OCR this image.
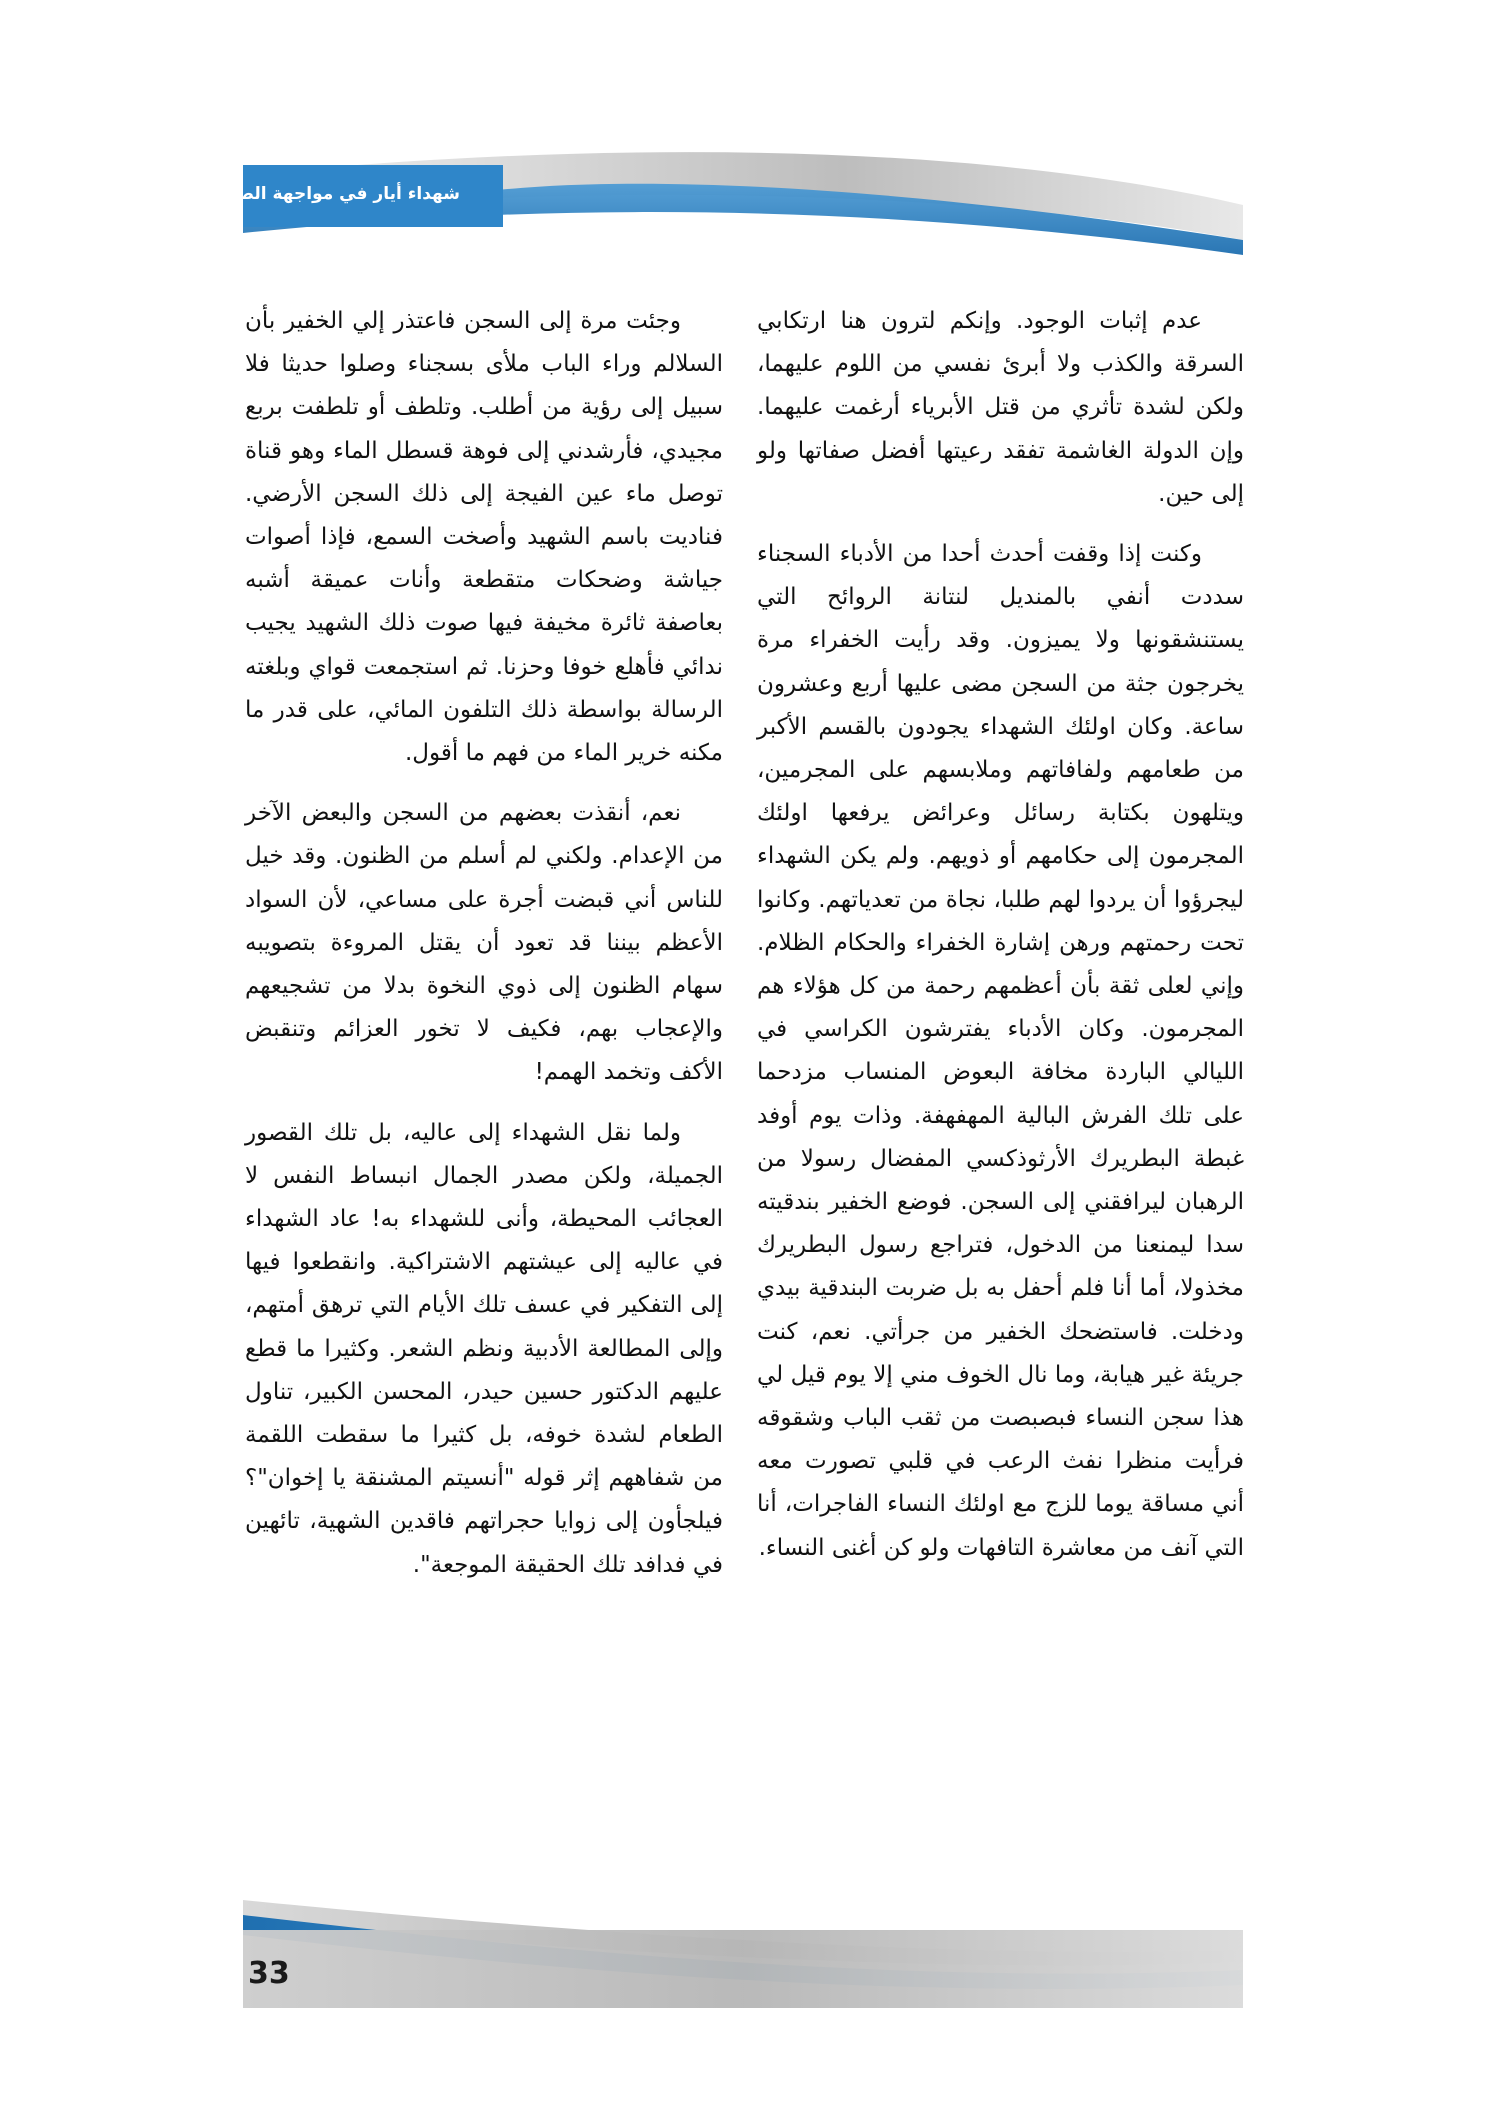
شهداء أيار في مواجهة الصهيونية

عدم إثبات الوجود. وإنكم لترون هنا ارتكابي السرقة والكذب ولا أبرئ نفسي من اللوم عليهما، ولكن لشدة تأثري من قتل الأبرياء أرغمت عليهما. وإن الدولة الغاشمة تفقد رعيتها أفضل صفاتها ولو إلى حين.

وكنت إذا وقفت أحدث أحدا من الأدباء السجناء سددت أنفي بالمنديل لنتانة الروائح التي يستنشقونها ولا يميزون. وقد رأيت الخفراء مرة يخرجون جثة من السجن مضى عليها أربع وعشرون ساعة. وكان اولئك الشهداء يجودون بالقسم الأكبر من طعامهم ولفافاتهم وملابسهم على المجرمين، ويتلهون بكتابة رسائل وعرائض يرفعها اولئك المجرمون إلى حكامهم أو ذويهم. ولم يكن الشهداء ليجرؤوا أن يردوا لهم طلبا، نجاة من تعدياتهم. وكانوا تحت رحمتهم ورهن إشارة الخفراء والحكام الظلام. وإني لعلى ثقة بأن أعظمهم رحمة من كل هؤلاء هم المجرمون. وكان الأدباء يفترشون الكراسي في الليالي الباردة مخافة البعوض المنساب مزدحما على تلك الفرش البالية المهفهفة. وذات يوم أوفد غبطة البطريرك الأرثوذكسي المفضال رسولا من الرهبان ليرافقني إلى السجن. فوضع الخفير بندقيته سدا ليمنعنا من الدخول، فتراجع رسول البطريرك مخذولا، أما أنا فلم أحفل به بل ضربت البندقية بيدي ودخلت. فاستضحك الخفير من جرأتي. نعم، كنت جريئة غير هيابة، وما نال الخوف مني إلا يوم قيل لي هذا سجن النساء فبصبصت من ثقب الباب وشقوقه فرأيت منظرا نفث الرعب في قلبي تصورت معه أني مساقة يوما للزج مع اولئك النساء الفاجرات، أنا التي آنف من معاشرة التافهات ولو كن أغنى النساء.

وجئت مرة إلى السجن فاعتذر إلي الخفير بأن السلالم وراء الباب ملأى بسجناء وصلوا حديثا فلا سبيل إلى رؤية من أطلب. وتلطف أو تلطفت بربع مجيدي، فأرشدني إلى فوهة قسطل الماء وهو قناة توصل ماء عين الفيجة إلى ذلك السجن الأرضي. فناديت باسم الشهيد وأصخت السمع، فإذا أصوات جياشة وضحكات متقطعة وأنات عميقة أشبه بعاصفة ثائرة مخيفة فيها صوت ذلك الشهيد يجيب ندائي فأهلع خوفا وحزنا. ثم استجمعت قواي وبلغته الرسالة بواسطة ذلك التلفون المائي، على قدر ما مكنه خرير الماء من فهم ما أقول.

نعم، أنقذت بعضهم من السجن والبعض الآخر من الإعدام. ولكني لم أسلم من الظنون. وقد خيل للناس أني قبضت أجرة على مساعي، لأن السواد الأعظم بيننا قد تعود أن يقتل المروءة بتصويبه سهام الظنون إلى ذوي النخوة بدلا من تشجيعهم والإعجاب بهم، فكيف لا تخور العزائم وتنقبض الأكف وتخمد الهمم!

ولما نقل الشهداء إلى عاليه، بل تلك القصور الجميلة، ولكن مصدر الجمال انبساط النفس لا العجائب المحيطة، وأنى للشهداء به! عاد الشهداء في عاليه إلى عيشتهم الاشتراكية. وانقطعوا فيها إلى التفكير في عسف تلك الأيام التي ترهق أمتهم، وإلى المطالعة الأدبية ونظم الشعر. وكثيرا ما قطع عليهم الدكتور حسين حيدر، المحسن الكبير، تناول الطعام لشدة خوفه، بل كثيرا ما سقطت اللقمة من شفاههم إثر قوله "أنسيتم المشنقة يا إخوان"؟ فيلجأون إلى زوايا حجراتهم فاقدين الشهية، تائهين في فدافد تلك الحقيقة الموجعة".

33
